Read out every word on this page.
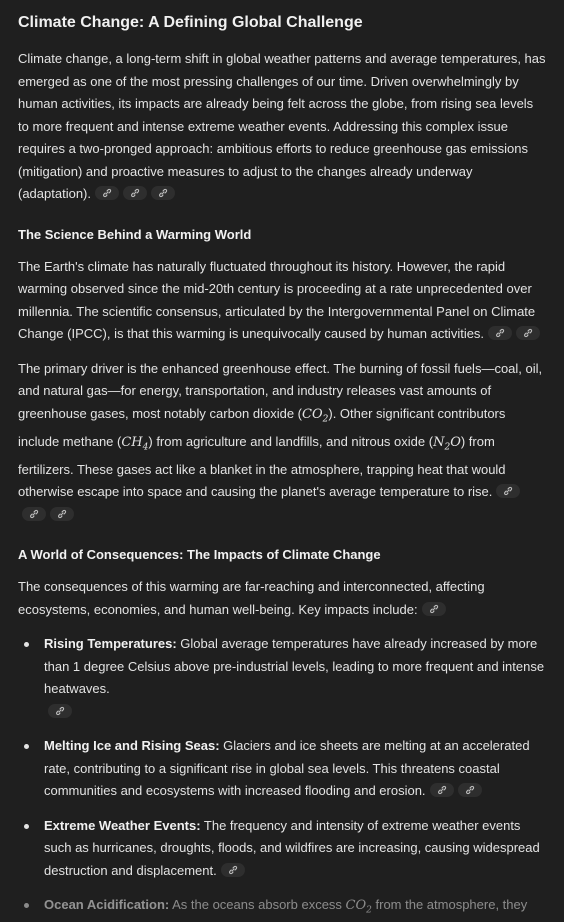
Climate Change: A Defining Global Challenge

Climate change, a long-term shift in global weather patterns and average temperatures, has emerged as one of the most pressing challenges of our time. Driven overwhelmingly by human activities, its impacts are already being felt across the globe, from rising sea levels to more frequent and intense extreme weather events. Addressing this complex issue requires a two-pronged approach: ambitious efforts to reduce greenhouse gas emissions (mitigation) and proactive measures to adjust to the changes already underway (adaptation).

The Science Behind a Warming World

The Earth's climate has naturally fluctuated throughout its history. However, the rapid warming observed since the mid-20th century is proceeding at a rate unprecedented over millennia. The scientific consensus, articulated by the Intergovernmental Panel on Climate Change (IPCC), is that this warming is unequivocally caused by human activities.

The primary driver is the enhanced greenhouse effect. The burning of fossil fuels—coal, oil, and natural gas—for energy, transportation, and industry releases vast amounts of greenhouse gases, most notably carbon dioxide $(CO_2)$. Other significant contributors include methane $(CH_4)$ from agriculture and landfills, and nitrous oxide $(N_2O)$ from fertilizers. These gases act like a blanket in the atmosphere, trapping heat that would otherwise escape into space and causing the planet's average temperature to rise.

A World of Consequences: The Impacts of Climate Change

The consequences of this warming are far-reaching and interconnected, affecting ecosystems, economies, and human well-being. Key impacts include:

Rising Temperatures: Global average temperatures have already increased by more than 1 degree Celsius above pre-industrial levels, leading to more frequent and intense heatwaves.

Melting Ice and Rising Seas: Glaciers and ice sheets are melting at an accelerated rate, contributing to a significant rise in global sea levels. This threatens coastal communities and ecosystems with increased flooding and erosion.
Extreme Weather Events: The frequency and intensity of extreme weather events such as hurricanes, droughts, floods, and wildfires are increasing, causing widespread destruction and displacement.
Ocean Acidification: As the oceans absorb excess $CO_2$ from the atmosphere, they
